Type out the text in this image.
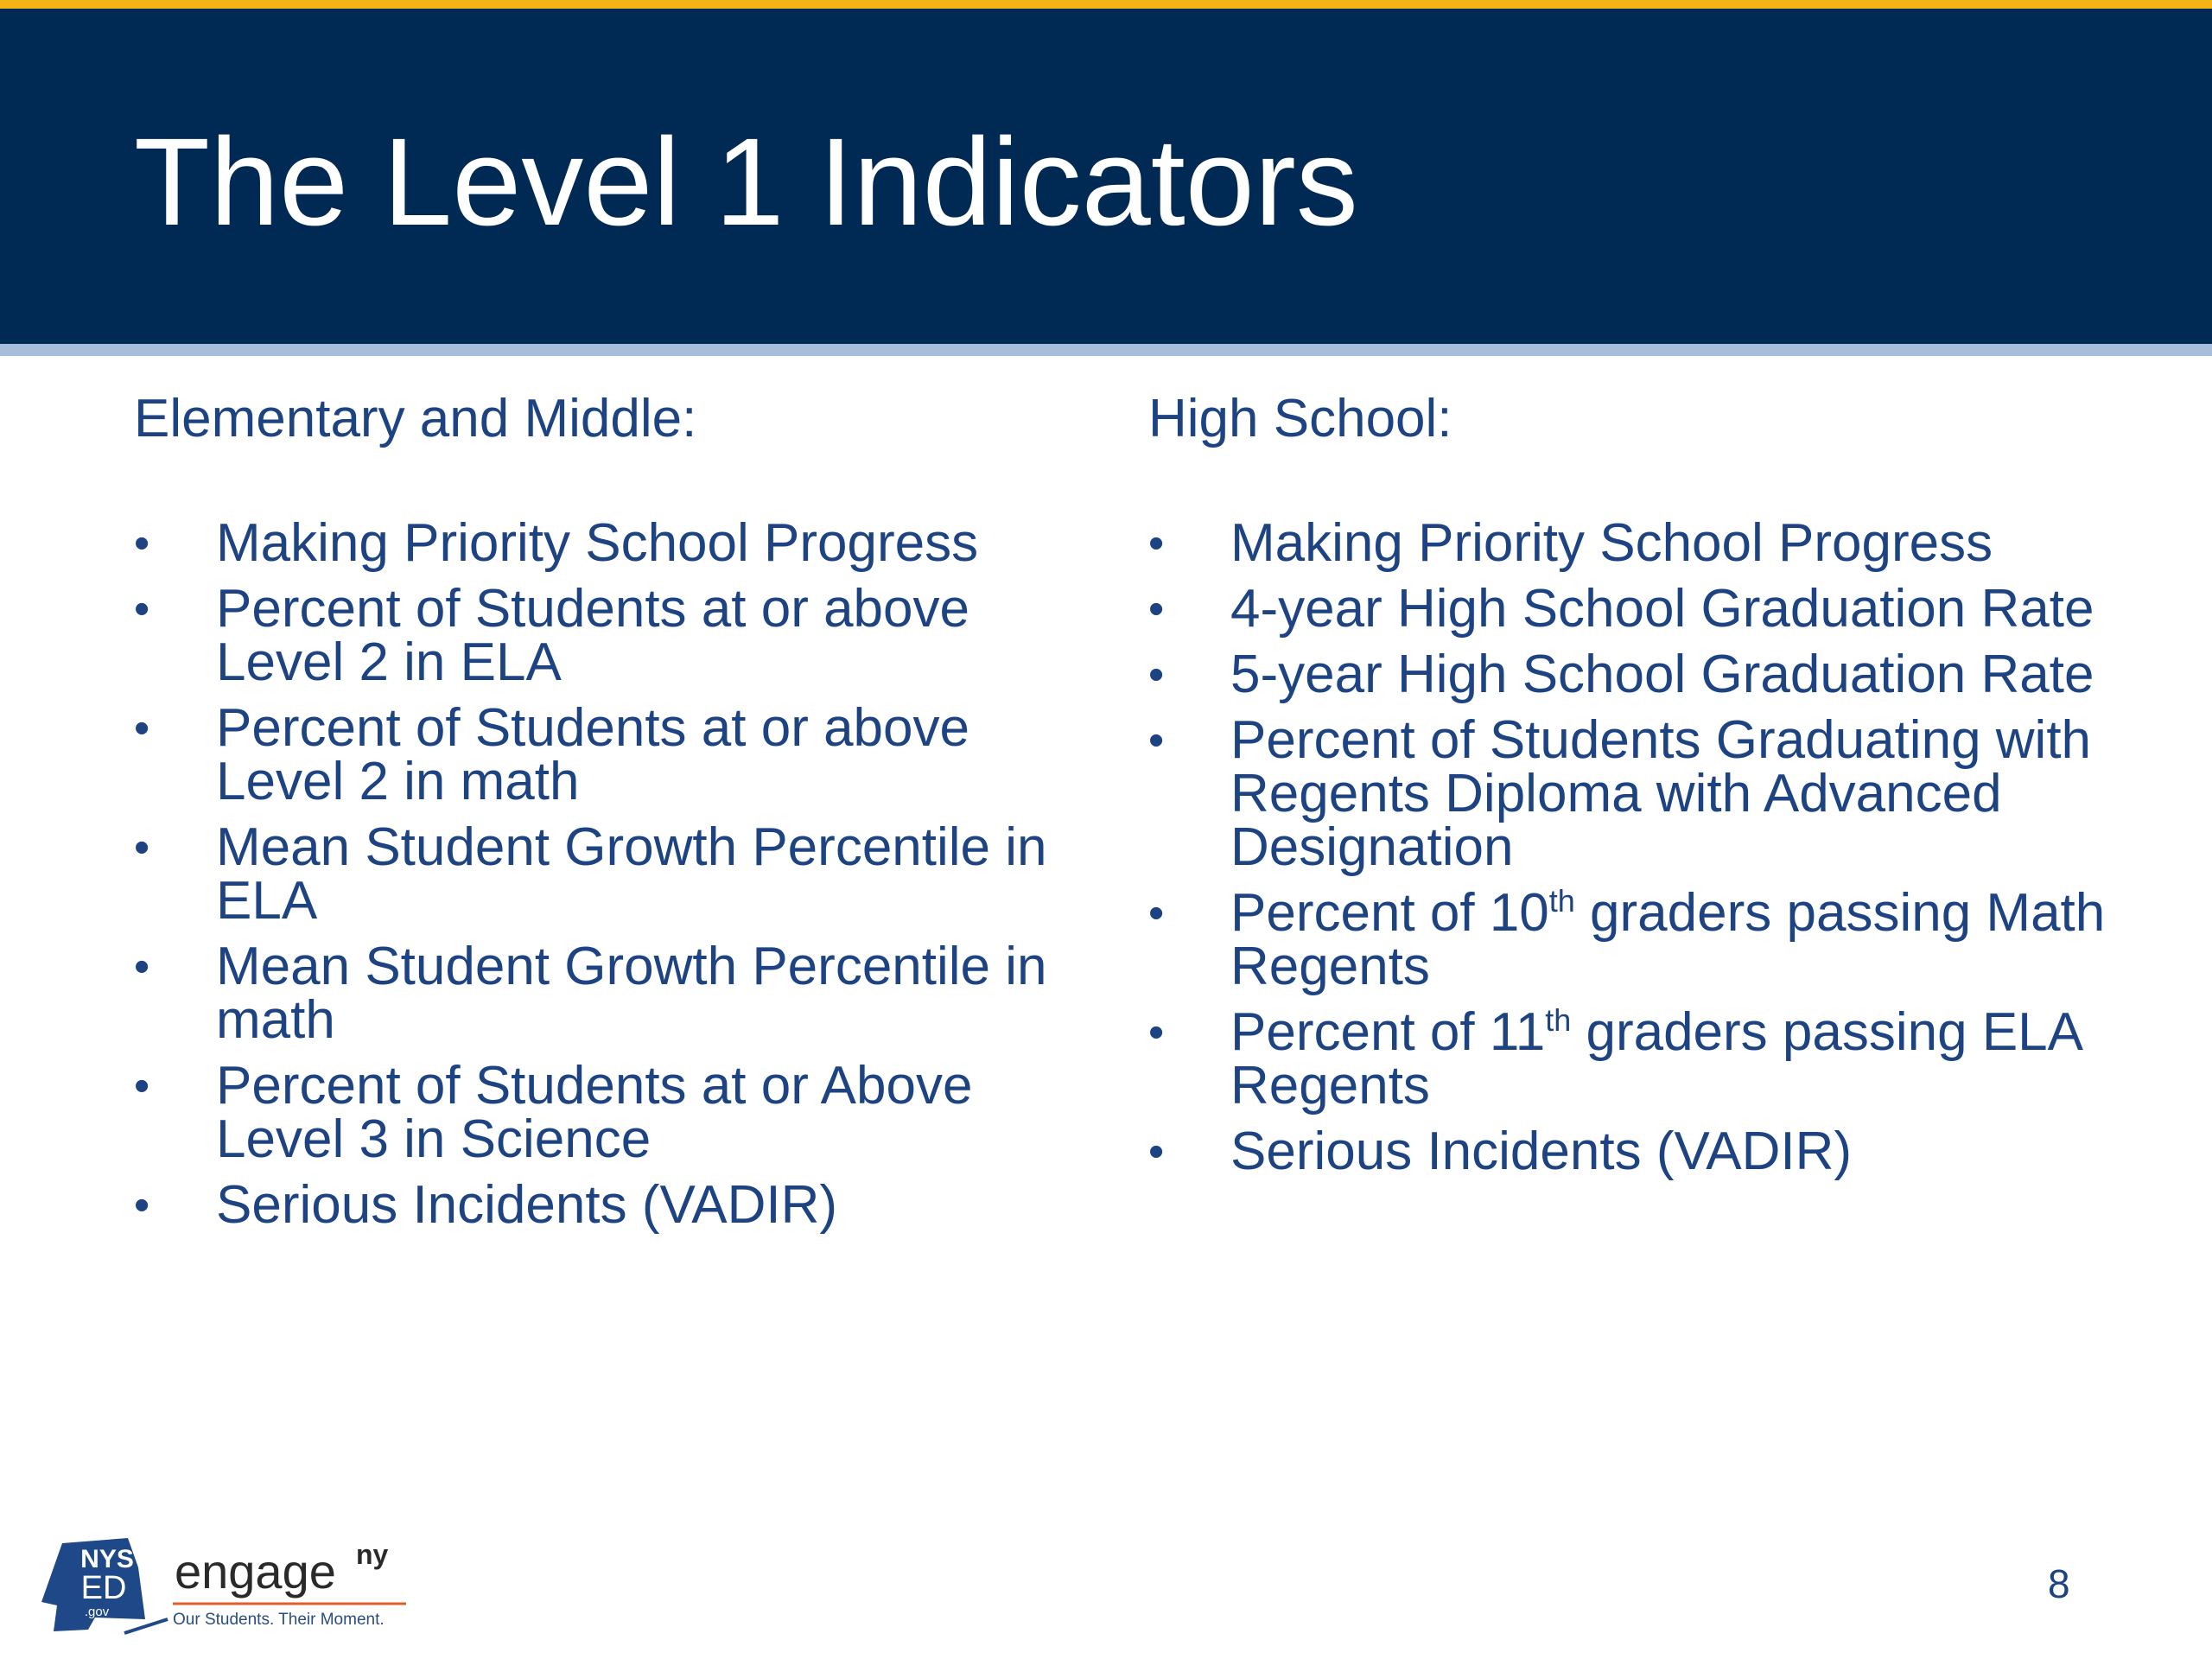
The Level 1 Indicators
Elementary and Middle:
• Making Priority School Progress
• Percent of Students at or above Level 2 in ELA
• Percent of Students at or above Level 2 in math
• Mean Student Growth Percentile in ELA
• Mean Student Growth Percentile in math
• Percent of Students at or Above Level 3 in Science
• Serious Incidents (VADIR)
High School:
• Making Priority School Progress
• 4-year High School Graduation Rate
• 5-year High School Graduation Rate
• Percent of Students Graduating with Regents Diploma with Advanced Designation
• Percent of 10th graders passing Math Regents
• Percent of 11th graders passing ELA Regents
• Serious Incidents (VADIR)
NYS
ED
.gov
engage ny
Our Students. Their Moment.
8
